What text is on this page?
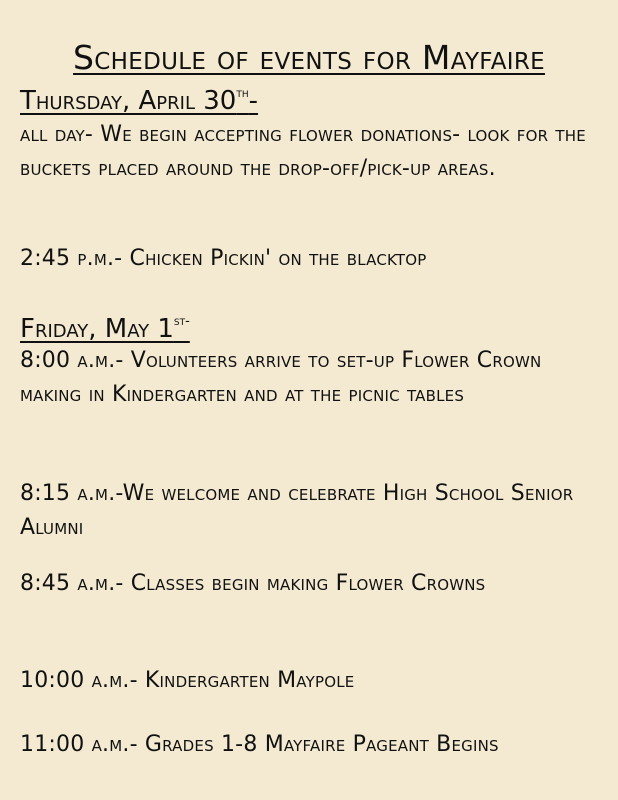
Schedule of events for Mayfaire
Thursday, April 30th-
all day- We begin accepting flower donations- look for the buckets placed around the drop-off/pick-up areas.
2:45 p.m.- Chicken Pickin' on the blacktop
Friday, May $1^{st-}$
8:00 a.m.- Volunteers arrive to set-up Flower Crown making in Kindergarten and at the picnic tables
8:15 a.m.-We welcome and celebrate High School Senior Alumni
8:45 a.m.- Classes begin making Flower Crowns
10:00 a.m.- Kindergarten Maypole
11:00 a.m.- Grades 1-8 Mayfaire Pageant Begins
